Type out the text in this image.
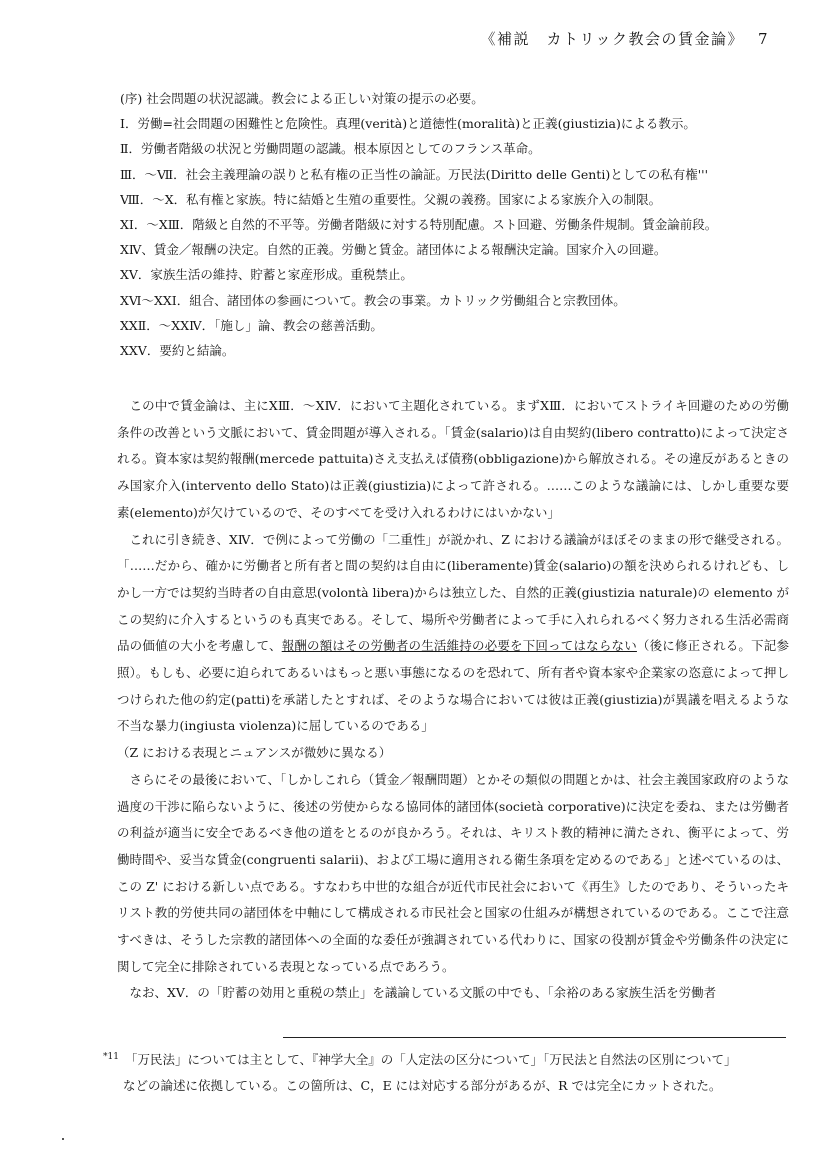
《補説　カトリック教会の賃金論》 7
(序) 社会問題の状況認識。教会による正しい対策の提示の必要。
Ⅰ．労働=社会問題の困難性と危険性。真理(verità)と道徳性(moralità)と正義(giustizia)による教示。
Ⅱ．労働者階級の状況と労働問題の認識。根本原因としてのフランス革命。
Ⅲ．～Ⅶ．社会主義理論の誤りと私有権の正当性の論証。万民法(Diritto delle Genti)としての私有権'''
Ⅷ．～Ⅹ．私有権と家族。特に結婚と生殖の重要性。父親の義務。国家による家族介入の制限。
ⅩⅠ．～ⅩⅢ．階級と自然的不平等。労働者階級に対する特別配慮。スト回避、労働条件規制。賃金論前段。
ⅩⅣ、賃金／報酬の決定。自然的正義。労働と賃金。諸団体による報酬決定論。国家介入の回避。
ⅩⅤ．家族生活の維持、貯蓄と家産形成。重税禁止。
ⅩⅥ～ⅩⅩⅠ．組合、諸団体の参画について。教会の事業。カトリック労働組合と宗教団体。
ⅩⅩⅡ．～ⅩⅩⅣ．「施し」論、教会の慈善活動。
ⅩⅩⅤ．要約と結論。

この中で賃金論は、主にⅩⅢ．～ⅩⅣ．において主題化されている。まずⅩⅢ．においてストライキ回避のための労働条件の改善という文脈において、賃金問題が導入される。「賃金(salario)は自由契約(libero contratto)によって決定される。資本家は契約報酬(mercede pattuita)さえ支払えば債務(obbligazione)から解放される。その違反があるときのみ国家介入(intervento dello Stato)は正義(giustizia)によって許される。……このような議論には、しかし重要な要素(elemento)が欠けているので、そのすべてを受け入れるわけにはいかない」

これに引き続き、ⅩⅣ．で例によって労働の「二重性」が説かれ、Z における議論がほぼそのままの形で継受される。「……だから、確かに労働者と所有者と間の契約は自由に(liberamente)賃金(salario)の額を決められるけれども、しかし一方では契約当時者の自由意思(volontà libera)からは独立した、自然的正義(giustizia naturale)の elemento がこの契約に介入するというのも真実である。そして、場所や労働者によって手に入れられるべく努力される生活必需商品の価値の大小を考慮して、報酬の額はその労働者の生活維持の必要を下回ってはならない（後に修正される。下記参照）。もしも、必要に迫られてあるいはもっと悪い事態になるのを恐れて、所有者や資本家や企業家の恣意によって押しつけられた他の約定(patti)を承諾したとすれば、そのような場合においては彼は正義(giustizia)が異議を唱えるような不当な暴力(ingiusta violenza)に屈しているのである」

（Z における表現とニュアンスが微妙に異なる）

さらにその最後において、「しかしこれら（賃金／報酬問題）とかその類似の問題とかは、社会主義国家政府のような過度の干渉に陥らないように、後述の労使からなる協同体的諸団体(società corporative)に決定を委ね、または労働者の利益が適当に安全であるべき他の道をとるのが良かろう。それは、キリスト教的精神に満たされ、衡平によって、労働時間や、妥当な賃金(congruenti salarii)、および工場に適用される衛生条項を定めるのである」と述べているのは、この Z' における新しい点である。すなわち中世的な組合が近代市民社会において《再生》したのであり、そういったキリスト教的労使共同の諸団体を中軸にして構成される市民社会と国家の仕組みが構想されているのである。ここで注意すべきは、そうした宗教的諸団体への全面的な委任が強調されている代わりに、国家の役割が賃金や労働条件の決定に関して完全に排除されている表現となっている点であろう。

なお、ⅩⅤ．の「貯蓄の効用と重税の禁止」を議論している文脈の中でも、「余裕のある家族生活を労働者

$^{*11}$ 「万民法」については主として、『神学大全』の「人定法の区分について」「万民法と自然法の区別について」
などの論述に依拠している。この箇所は、C，E には対応する部分があるが、R では完全にカットされた。
